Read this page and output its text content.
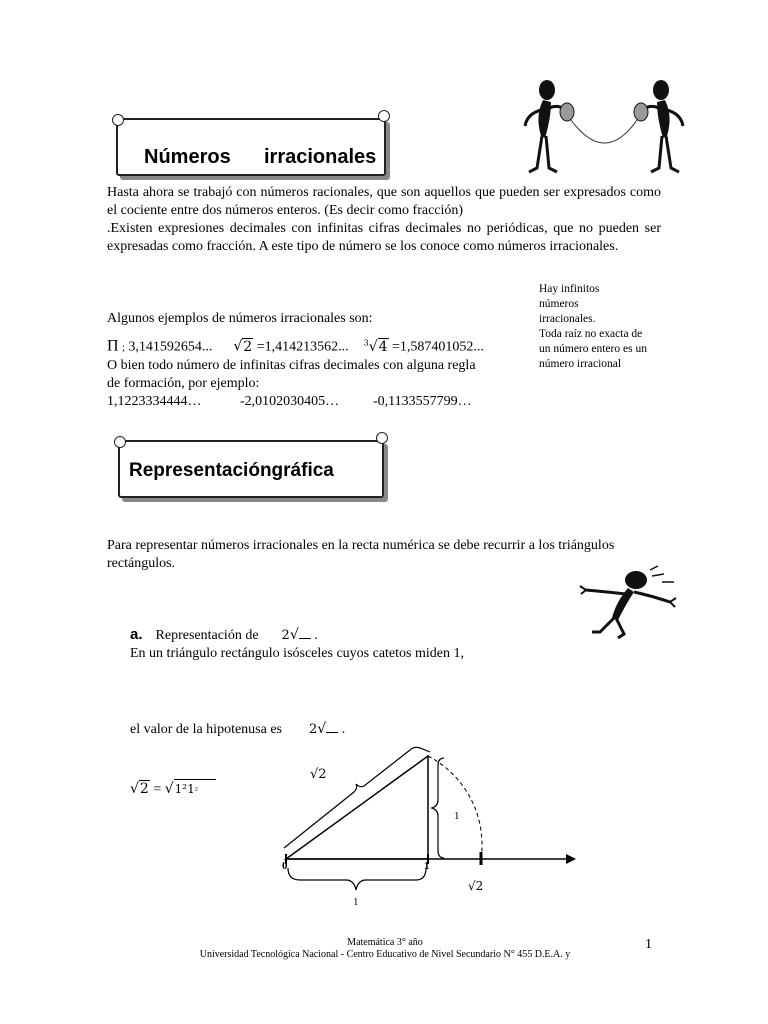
Números irracionales
Hasta ahora se trabajó con números racionales, que son aquellos que pueden ser expresados como el cociente entre dos números enteros. (Es decir como fracción)
.Existen expresiones decimales con infinitas cifras decimales no periódicas, que no pueden ser expresadas como fracción. A este tipo de número se los conoce como números irracionales.
Hay infinitos
números
irracionales.
Toda raíz no exacta de
un número entero es un
número irracional
Algunos ejemplos de números irracionales son:
Π ; 3,141592654... √2 =1,414213562... $^3$√4 =1,587401052...
O bien todo número de infinitas cifras decimales con alguna regla
de formación, por ejemplo:
1,1223334444…	-2,0102030405… -0,1133557799…
Representacióngráfica
Para representar números irracionales en la recta numérica se debe recurrir a los triángulos rectángulos.
a. Representación de 2√ .
En un triángulo rectángulo isósceles cuyos catetos miden 1,
el valor de la hipotenusa es 2√ .
√2 = √1²1²
√2
1
1
0	1
√2
Matemática 3° año
Universidad Tecnológica Nacional - Centro Educativo de Nivel Secundario N° 455 D.E.A. y
1
